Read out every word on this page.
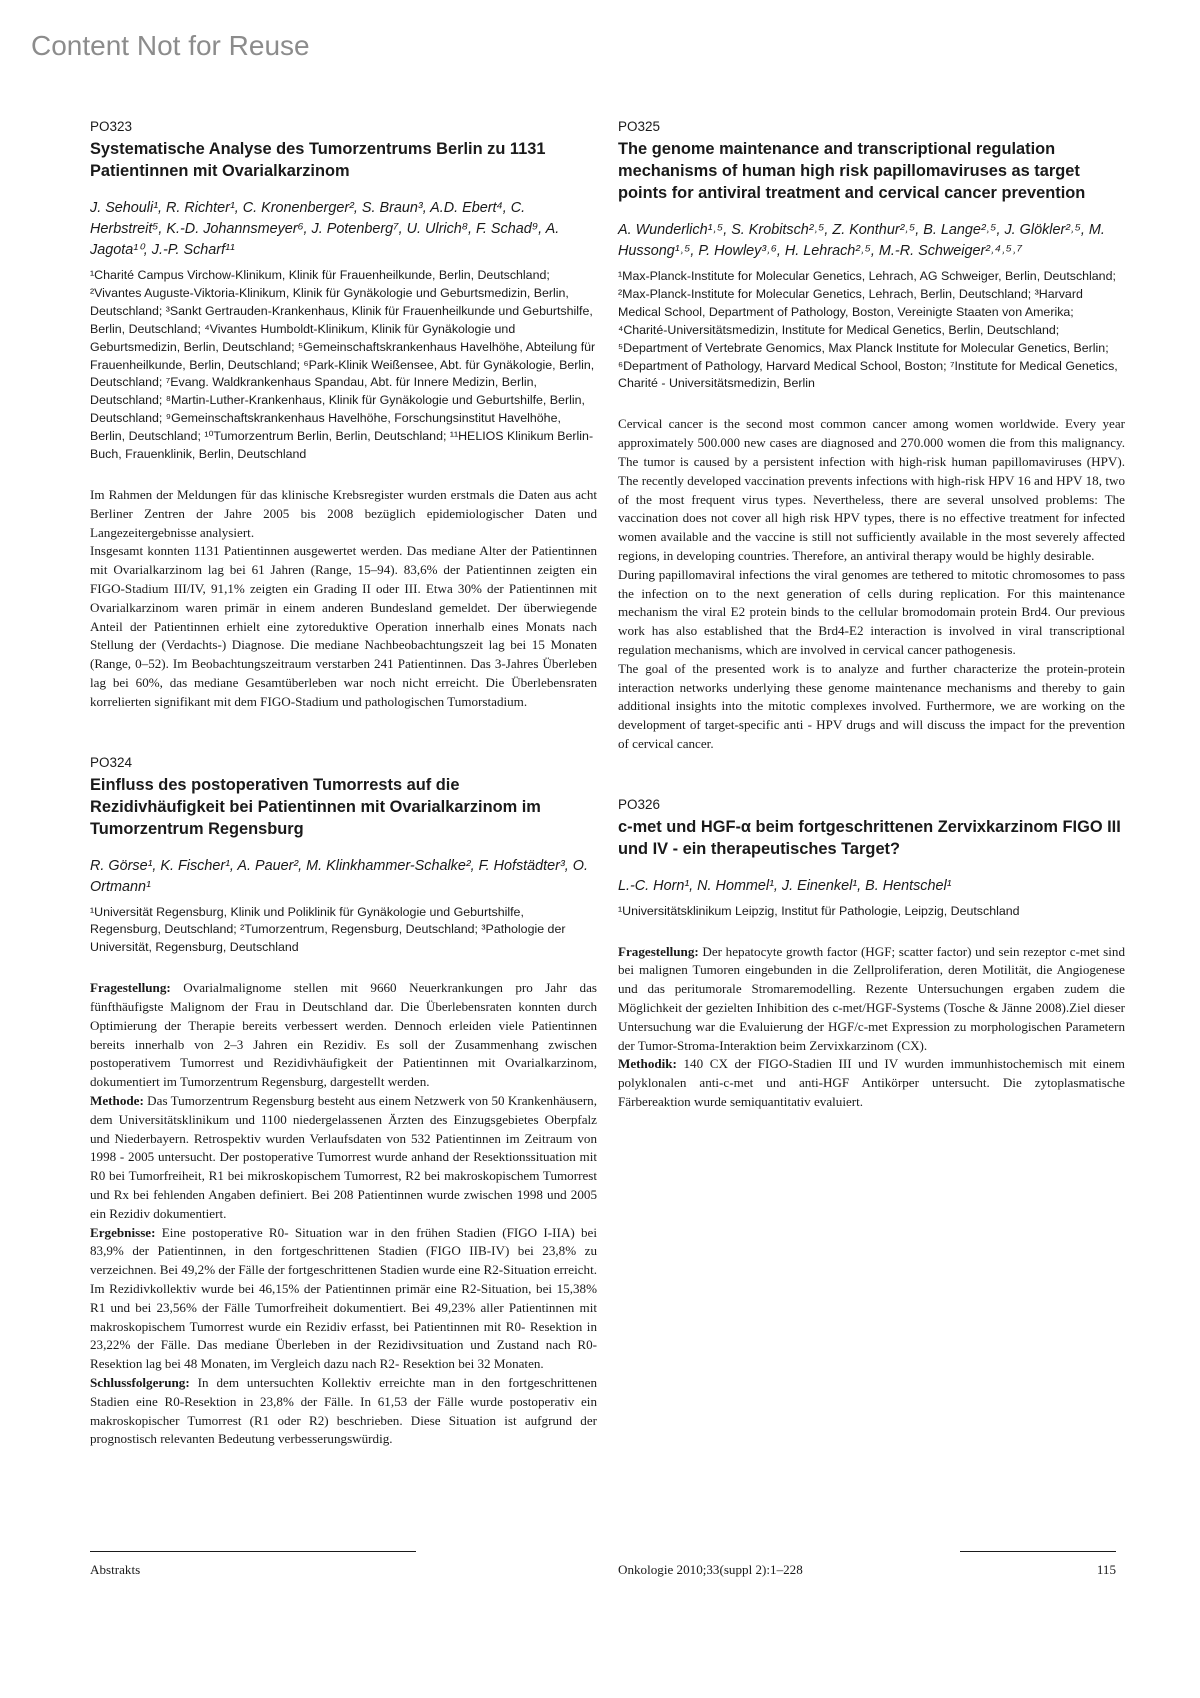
Content Not for Reuse
PO323
Systematische Analyse des Tumorzentrums Berlin zu 1131 Patientinnen mit Ovarialkarzinom
J. Sehouli¹, R. Richter¹, C. Kronenberger², S. Braun³, A.D. Ebert⁴, C. Herbstreit⁵, K.-D. Johannsmeyer⁶, J. Potenberg⁷, U. Ulrich⁸, F. Schad⁹, A. Jagota¹⁰, J.-P. Scharf¹¹
¹Charité Campus Virchow-Klinikum, Klinik für Frauenheilkunde, Berlin, Deutschland; ²Vivantes Auguste-Viktoria-Klinikum, Klinik für Gynäkologie und Geburtsmedizin, Berlin, Deutschland; ³Sankt Gertrauden-Krankenhaus, Klinik für Frauenheilkunde und Geburtshilfe, Berlin, Deutschland; ⁴Vivantes Humboldt-Klinikum, Klinik für Gynäkologie und Geburtsmedizin, Berlin, Deutschland; ⁵Gemeinschaftskrankenhaus Havelhöhe, Abteilung für Frauenheilkunde, Berlin, Deutschland; ⁶Park-Klinik Weißensee, Abt. für Gynäkologie, Berlin, Deutschland; ⁷Evang. Waldkrankenhaus Spandau, Abt. für Innere Medizin, Berlin, Deutschland; ⁸Martin-Luther-Krankenhaus, Klinik für Gynäkologie und Geburtshilfe, Berlin, Deutschland; ⁹Gemeinschaftskrankenhaus Havelhöhe, Forschungsinstitut Havelhöhe, Berlin, Deutschland; ¹⁰Tumorzentrum Berlin, Berlin, Deutschland; ¹¹HELIOS Klinikum Berlin-Buch, Frauenklinik, Berlin, Deutschland

Im Rahmen der Meldungen für das klinische Krebsregister wurden erstmals die Daten aus acht Berliner Zentren der Jahre 2005 bis 2008 bezüglich epidemiologischer Daten und Langezeitergebnisse analysiert.

Insgesamt konnten 1131 Patientinnen ausgewertet werden. Das mediane Alter der Patientinnen mit Ovarialkarzinom lag bei 61 Jahren (Range, 15–94). 83,6% der Patientinnen zeigten ein FIGO-Stadium III/IV, 91,1% zeigten ein Grading II oder III. Etwa 30% der Patientinnen mit Ovarialkarzinom waren primär in einem anderen Bundesland gemeldet. Der überwiegende Anteil der Patientinnen erhielt eine zytoreduktive Operation innerhalb eines Monats nach Stellung der (Verdachts-) Diagnose. Die mediane Nachbeobachtungszeit lag bei 15 Monaten (Range, 0–52). Im Beobachtungszeitraum verstarben 241 Patientinnen. Das 3-Jahres Überleben lag bei 60%, das mediane Gesamtüberleben war noch nicht erreicht. Die Überlebensraten korrelierten signifikant mit dem FIGO-Stadium und pathologischen Tumorstadium.

PO324
Einfluss des postoperativen Tumorrests auf die Rezidivhäufigkeit bei Patientinnen mit Ovarialkarzinom im Tumorzentrum Regensburg
R. Görse¹, K. Fischer¹, A. Pauer², M. Klinkhammer-Schalke², F. Hofstädter³, O. Ortmann¹
¹Universität Regensburg, Klinik und Poliklinik für Gynäkologie und Geburtshilfe, Regensburg, Deutschland; ²Tumorzentrum, Regensburg, Deutschland; ³Pathologie der Universität, Regensburg, Deutschland

Fragestellung: Ovarialmalignome stellen mit 9660 Neuerkrankungen pro Jahr das fünfthäufigste Malignom der Frau in Deutschland dar. Die Überlebensraten konnten durch Optimierung der Therapie bereits verbessert werden. Dennoch erleiden viele Patientinnen bereits innerhalb von 2–3 Jahren ein Rezidiv. Es soll der Zusammenhang zwischen postoperativem Tumorrest und Rezidivhäufigkeit der Patientinnen mit Ovarialkarzinom, dokumentiert im Tumorzentrum Regensburg, dargestellt werden.

Methode: Das Tumorzentrum Regensburg besteht aus einem Netzwerk von 50 Krankenhäusern, dem Universitätsklinikum und 1100 niedergelassenen Ärzten des Einzugsgebietes Oberpfalz und Niederbayern. Retrospektiv wurden Verlaufsdaten von 532 Patientinnen im Zeitraum von 1998 - 2005 untersucht. Der postoperative Tumorrest wurde anhand der Resektionssituation mit R0 bei Tumorfreiheit, R1 bei mikroskopischem Tumorrest, R2 bei makroskopischem Tumorrest und Rx bei fehlenden Angaben definiert. Bei 208 Patientinnen wurde zwischen 1998 und 2005 ein Rezidiv dokumentiert.

Ergebnisse: Eine postoperative R0- Situation war in den frühen Stadien (FIGO I-IIA) bei 83,9% der Patientinnen, in den fortgeschrittenen Stadien (FIGO IIB-IV) bei 23,8% zu verzeichnen. Bei 49,2% der Fälle der fortgeschrittenen Stadien wurde eine R2-Situation erreicht. Im Rezidivkollektiv wurde bei 46,15% der Patientinnen primär eine R2-Situation, bei 15,38% R1 und bei 23,56% der Fälle Tumorfreiheit dokumentiert. Bei 49,23% aller Patientinnen mit makroskopischem Tumorrest wurde ein Rezidiv erfasst, bei Patientinnen mit R0- Resektion in 23,22% der Fälle. Das mediane Überleben in der Rezidivsituation und Zustand nach R0- Resektion lag bei 48 Monaten, im Vergleich dazu nach R2- Resektion bei 32 Monaten.

Schlussfolgerung: In dem untersuchten Kollektiv erreichte man in den fortgeschrittenen Stadien eine R0-Resektion in 23,8% der Fälle. In 61,53 der Fälle wurde postoperativ ein makroskopischer Tumorrest (R1 oder R2) beschrieben. Diese Situation ist aufgrund der prognostisch relevanten Bedeutung verbesserungswürdig.

PO325
The genome maintenance and transcriptional regulation mechanisms of human high risk papillomaviruses as target points for antiviral treatment and cervical cancer prevention
A. Wunderlich¹˒⁵, S. Krobitsch²˒⁵, Z. Konthur²˒⁵, B. Lange²˒⁵, J. Glökler²˒⁵, M. Hussong¹˒⁵, P. Howley³˒⁶, H. Lehrach²˒⁵, M.-R. Schweiger²˒⁴˒⁵˒⁷
¹Max-Planck-Institute for Molecular Genetics, Lehrach, AG Schweiger, Berlin, Deutschland; ²Max-Planck-Institute for Molecular Genetics, Lehrach, Berlin, Deutschland; ³Harvard Medical School, Department of Pathology, Boston, Vereinigte Staaten von Amerika; ⁴Charité-Universitätsmedizin, Institute for Medical Genetics, Berlin, Deutschland; ⁵Department of Vertebrate Genomics, Max Planck Institute for Molecular Genetics, Berlin; ⁶Department of Pathology, Harvard Medical School, Boston; ⁷Institute for Medical Genetics, Charité - Universitätsmedizin, Berlin

Cervical cancer is the second most common cancer among women worldwide. Every year approximately 500.000 new cases are diagnosed and 270.000 women die from this malignancy. The tumor is caused by a persistent infection with high-risk human papillomaviruses (HPV). The recently developed vaccination prevents infections with high-risk HPV 16 and HPV 18, two of the most frequent virus types. Nevertheless, there are several unsolved problems: The vaccination does not cover all high risk HPV types, there is no effective treatment for infected women available and the vaccine is still not sufficiently available in the most severely affected regions, in developing countries. Therefore, an antiviral therapy would be highly desirable.

During papillomaviral infections the viral genomes are tethered to mitotic chromosomes to pass the infection on to the next generation of cells during replication. For this maintenance mechanism the viral E2 protein binds to the cellular bromodomain protein Brd4. Our previous work has also established that the Brd4-E2 interaction is involved in viral transcriptional regulation mechanisms, which are involved in cervical cancer pathogenesis.

The goal of the presented work is to analyze and further characterize the protein-protein interaction networks underlying these genome maintenance mechanisms and thereby to gain additional insights into the mitotic complexes involved. Furthermore, we are working on the development of target-specific anti - HPV drugs and will discuss the impact for the prevention of cervical cancer.

PO326
c-met und HGF-α beim fortgeschrittenen Zervixkarzinom FIGO III und IV - ein therapeutisches Target?
L.-C. Horn¹, N. Hommel¹, J. Einenkel¹, B. Hentschel¹
¹Universitätsklinikum Leipzig, Institut für Pathologie, Leipzig, Deutschland

Fragestellung: Der hepatocyte growth factor (HGF; scatter factor) und sein rezeptor c-met sind bei malignen Tumoren eingebunden in die Zellproliferation, deren Motilität, die Angiogenese und das peritumorale Stromaremodelling. Rezente Untersuchungen ergaben zudem die Möglichkeit der gezielten Inhibition des c-met/HGF-Systems (Tosche & Jänne 2008).Ziel dieser Untersuchung war die Evaluierung der HGF/c-met Expression zu morphologischen Parametern der Tumor-Stroma-Interaktion beim Zervixkarzinom (CX).

Methodik: 140 CX der FIGO-Stadien III und IV wurden immunhistochemisch mit einem polyklonalen anti-c-met und anti-HGF Antikörper untersucht. Die zytoplasmatische Färbereaktion wurde semiquantitativ evaluiert.

Abstrakts	Onkologie 2010;33(suppl 2):1–228	115
